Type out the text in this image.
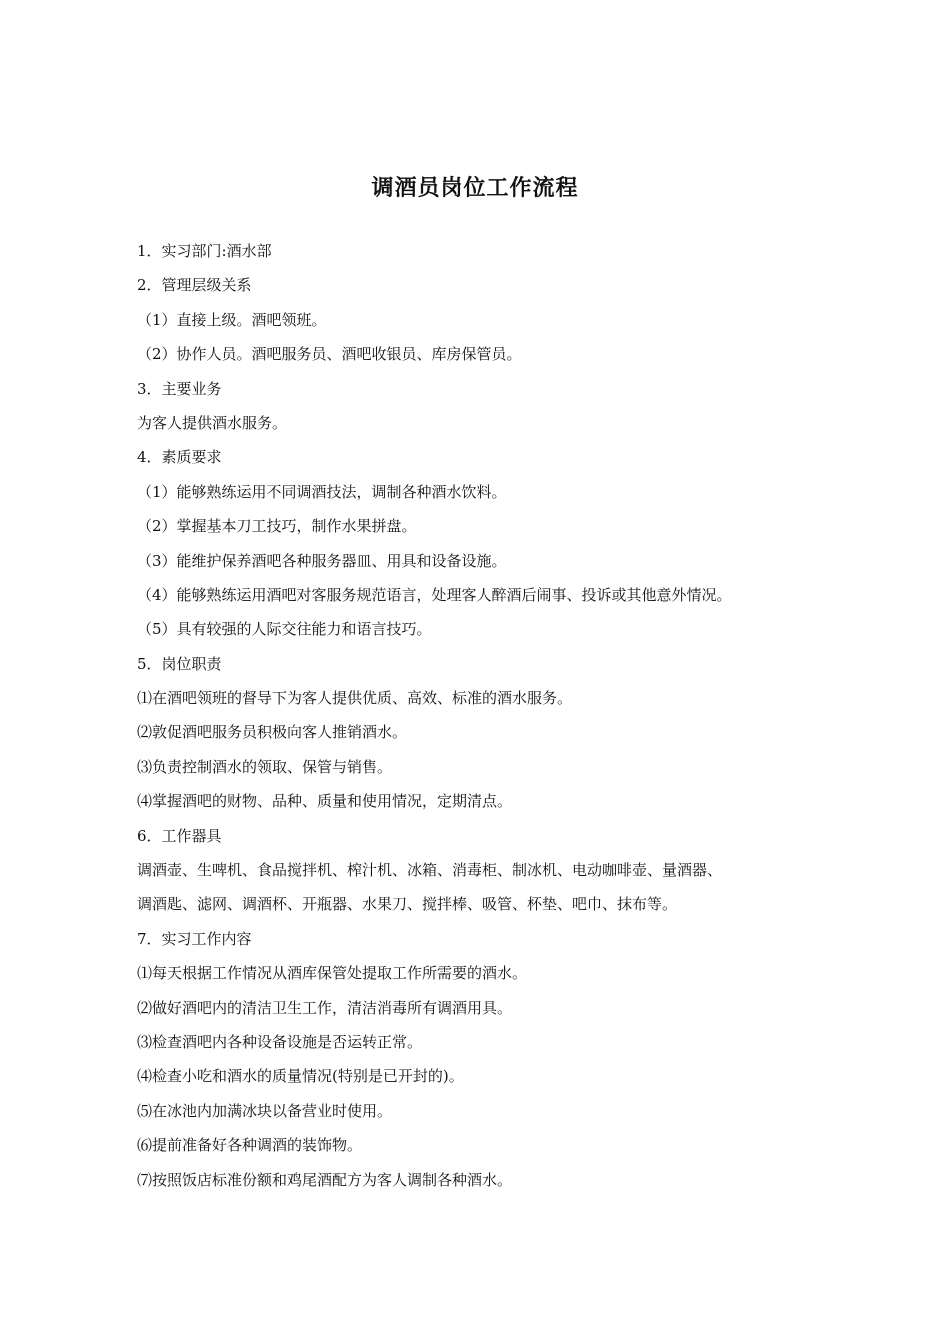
调酒员岗位工作流程

1．实习部门:酒水部

2．管理层级关系

（1）直接上级。酒吧领班。

（2）协作人员。酒吧服务员、酒吧收银员、库房保管员。

3．主要业务

为客人提供酒水服务。

4．素质要求

（1）能够熟练运用不同调酒技法，调制各种酒水饮料。

（2）掌握基本刀工技巧，制作水果拼盘。

（3）能维护保养酒吧各种服务器皿、用具和设备设施。

（4）能够熟练运用酒吧对客服务规范语言，处理客人醉酒后闹事、投诉或其他意外情况。

（5）具有较强的人际交往能力和语言技巧。

5．岗位职责

⑴在酒吧领班的督导下为客人提供优质、高效、标准的酒水服务。

⑵敦促酒吧服务员积极向客人推销酒水。

⑶负责控制酒水的领取、保管与销售。

⑷掌握酒吧的财物、品种、质量和使用情况，定期清点。

6．工作器具

调酒壶、生啤机、食品搅拌机、榨汁机、冰箱、消毒柜、制冰机、电动咖啡壶、量酒器、

调酒匙、滤网、调酒杯、开瓶器、水果刀、搅拌棒、吸管、杯垫、吧巾、抹布等。

7．实习工作内容

⑴每天根据工作情况从酒库保管处提取工作所需要的酒水。

⑵做好酒吧内的清洁卫生工作，清洁消毒所有调酒用具。

⑶检查酒吧内各种设备设施是否运转正常。

⑷检查小吃和酒水的质量情况(特别是已开封的)。

⑸在冰池内加满冰块以备营业时使用。

⑹提前准备好各种调酒的装饰物。

⑺按照饭店标准份额和鸡尾酒配方为客人调制各种酒水。
